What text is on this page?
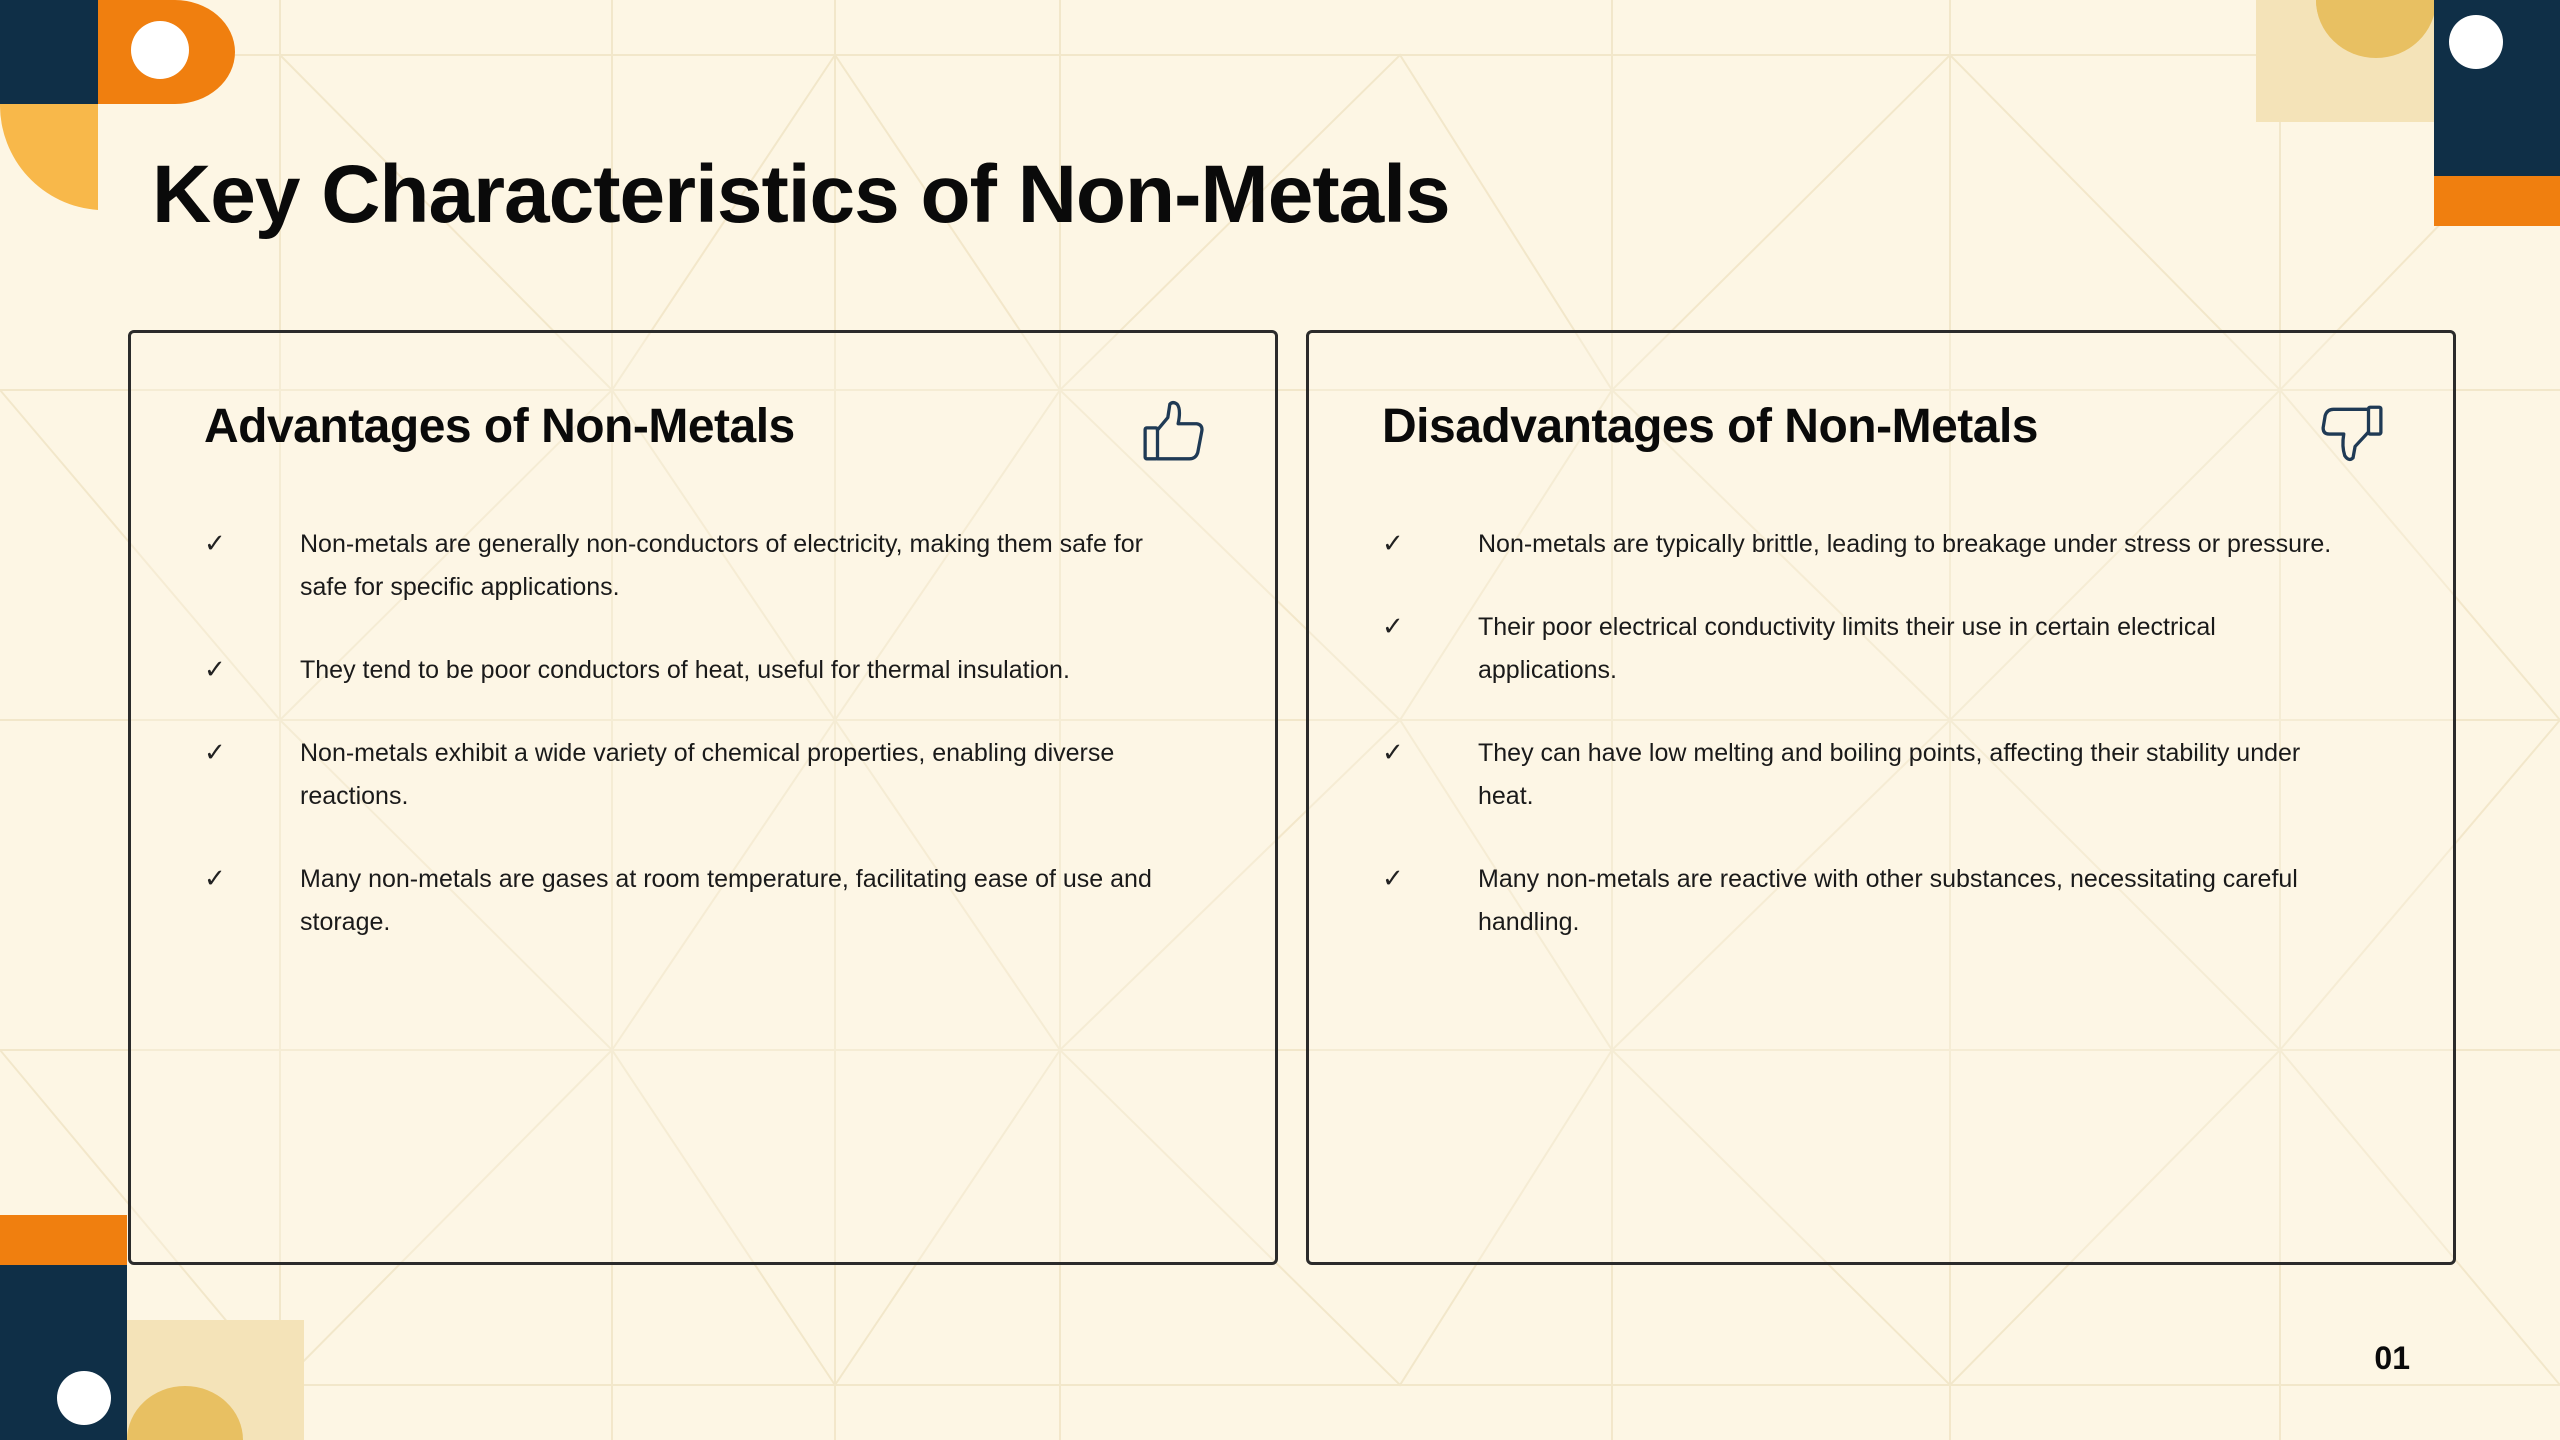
Key Characteristics of Non-Metals
Advantages of Non-Metals
✓	Non-metals are generally non-conductors of electricity, making them safe for
safe for specific applications.
✓	They tend to be poor conductors of heat, useful for thermal insulation.
✓	Non-metals exhibit a wide variety of chemical properties, enabling diverse
reactions.
✓	Many non-metals are gases at room temperature, facilitating ease of use and
storage.
Disadvantages of Non-Metals
✓	Non-metals are typically brittle, leading to breakage under stress or pressure.
✓	Their poor electrical conductivity limits their use in certain electrical
applications.
✓	They can have low melting and boiling points, affecting their stability under
heat.
✓	Many non-metals are reactive with other substances, necessitating careful
handling.
01
